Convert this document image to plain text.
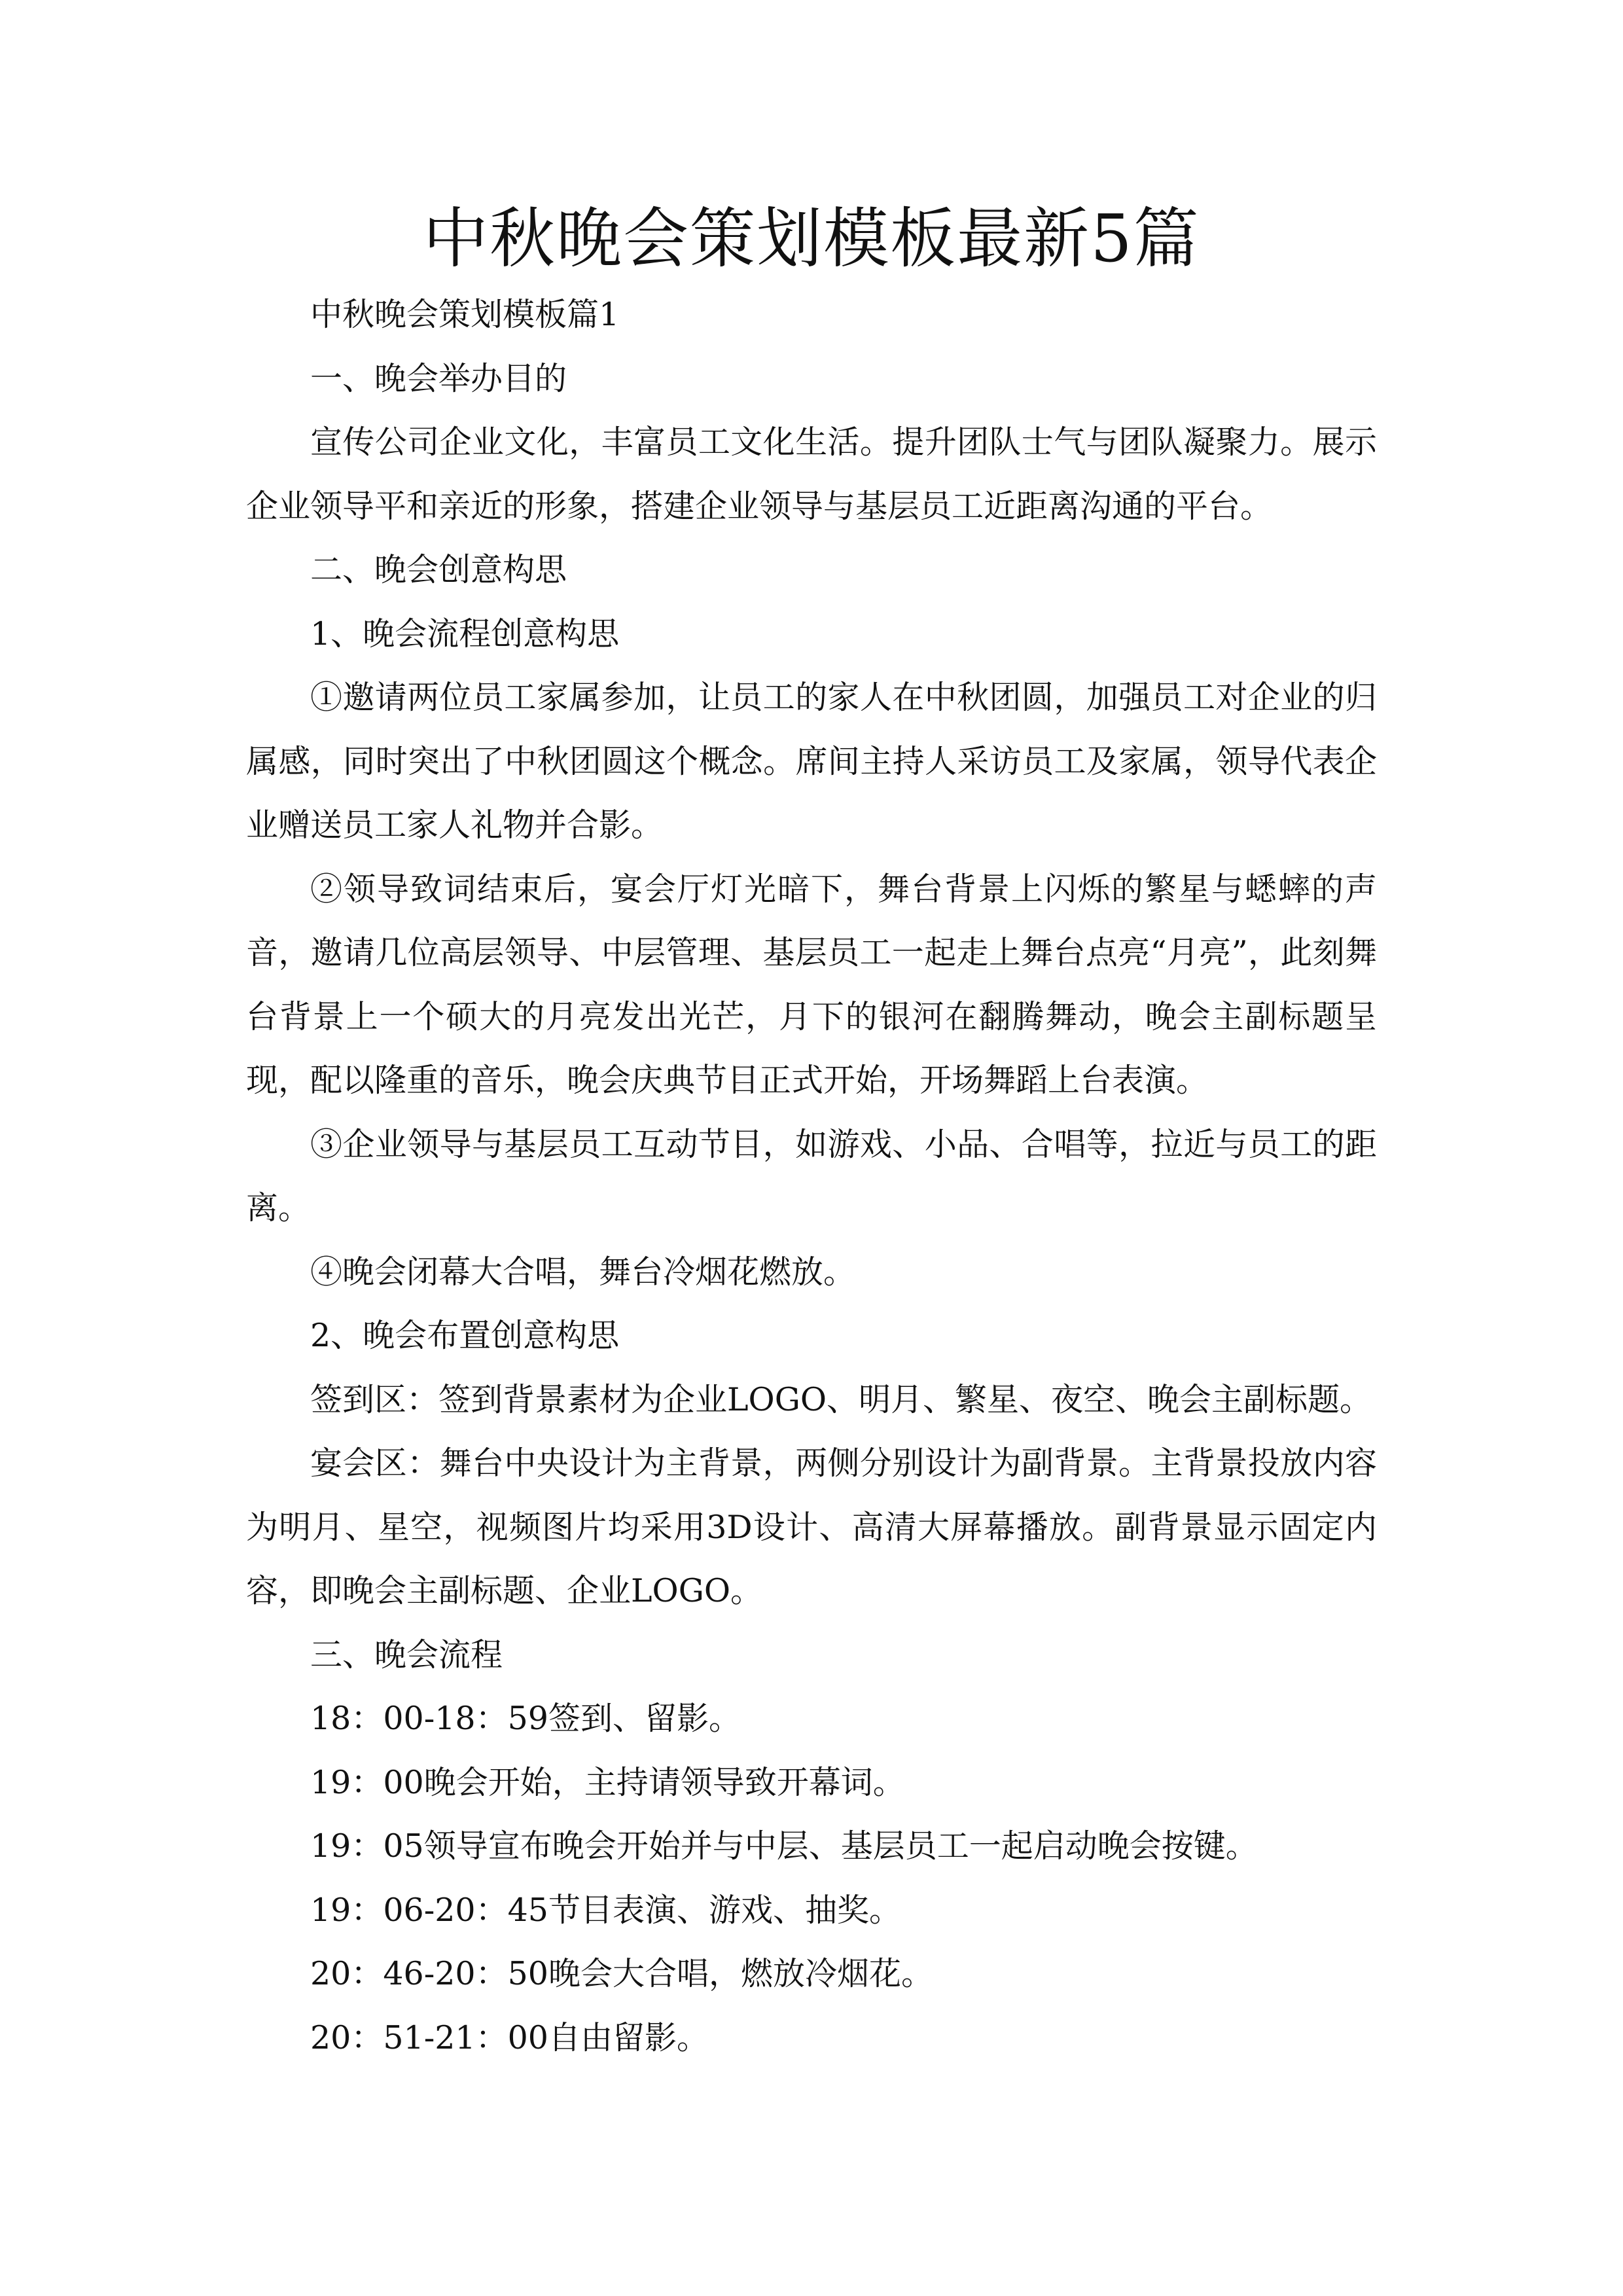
中秋晚会策划模板最新5篇

中秋晚会策划模板篇1

一、晚会举办目的

宣传公司企业文化，丰富员工文化生活。提升团队士气与团队凝聚力。展示企业领导平和亲近的形象，搭建企业领导与基层员工近距离沟通的平台。

二、晚会创意构思

1、晚会流程创意构思

①邀请两位员工家属参加，让员工的家人在中秋团圆，加强员工对企业的归属感，同时突出了中秋团圆这个概念。席间主持人采访员工及家属，领导代表企业赠送员工家人礼物并合影。

②领导致词结束后，宴会厅灯光暗下，舞台背景上闪烁的繁星与蟋蟀的声音，邀请几位高层领导、中层管理、基层员工一起走上舞台点亮“月亮”，此刻舞台背景上一个硕大的月亮发出光芒，月下的银河在翻腾舞动，晚会主副标题呈现，配以隆重的音乐，晚会庆典节目正式开始，开场舞蹈上台表演。

③企业领导与基层员工互动节目，如游戏、小品、合唱等，拉近与员工的距离。

④晚会闭幕大合唱，舞台冷烟花燃放。

2、晚会布置创意构思

签到区：签到背景素材为企业LOGO、明月、繁星、夜空、晚会主副标题。

宴会区：舞台中央设计为主背景，两侧分别设计为副背景。主背景投放内容为明月、星空，视频图片均采用3D设计、高清大屏幕播放。副背景显示固定内容，即晚会主副标题、企业LOGO。

三、晚会流程

18：00-18：59签到、留影。

19：00晚会开始，主持请领导致开幕词。

19：05领导宣布晚会开始并与中层、基层员工一起启动晚会按键。

19：06-20：45节目表演、游戏、抽奖。

20：46-20：50晚会大合唱，燃放冷烟花。

20：51-21：00自由留影。
